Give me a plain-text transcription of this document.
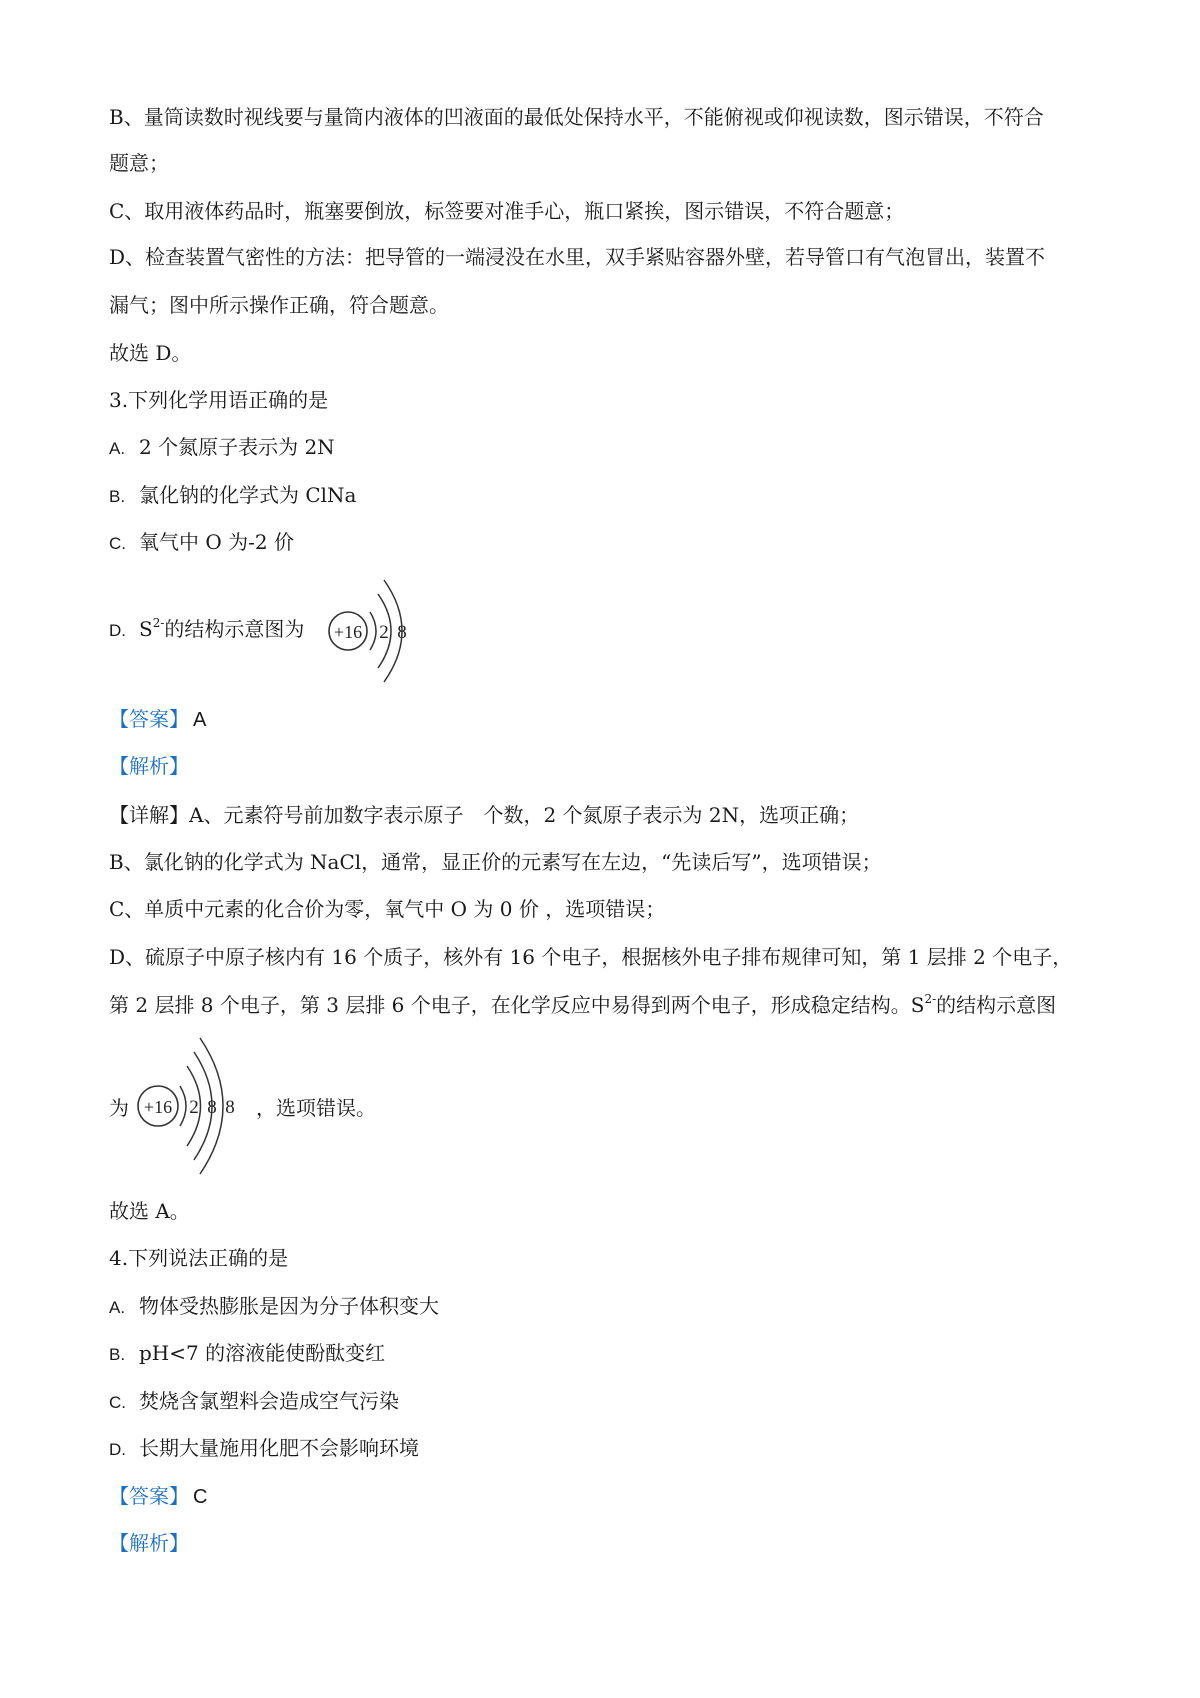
B、量筒读数时视线要与量筒内液体的凹液面的最低处保持水平，不能俯视或仰视读数，图示错误，不符合
题意；
C、取用液体药品时，瓶塞要倒放，标签要对准手心，瓶口紧挨，图示错误，不符合题意；
D、检查装置气密性的方法：把导管的一端浸没在水里，双手紧贴容器外壁，若导管口有气泡冒出，装置不
漏气；图中所示操作正确，符合题意。
故选 D。
3.下列化学用语正确的是
A. 2 个氮原子表示为 2N
B. 氯化钠的化学式为 ClNa
C. 氧气中 O 为-2 价
D. $S^{2-}$的结构示意图为 +16 2 8
【答案】 A
【解析】
【详解】A、元素符号前加数字表示原子　个数，2 个氮原子表示为 2N，选项正确；
B、氯化钠的化学式为 NaCl，通常，显正价的元素写在左边，“先读后写”，选项错误；
C、单质中元素的化合价为零，氧气中 O 为 0 价 ，选项错误；
D、硫原子中原子核内有 16 个质子，核外有 16 个电子，根据核外电子排布规律可知，第 1 层排 2 个电子，
第 2 层排 8 个电子，第 3 层排 6 个电子，在化学反应中易得到两个电子，形成稳定结构。$S^{2-}$的结构示意图
为 +16 2 8 8 ，选项错误。
故选 A。
4.下列说法正确的是
A. 物体受热膨胀是因为分子体积变大
B. pH<7 的溶液能使酚酞变红
C. 焚烧含氯塑料会造成空气污染
D. 长期大量施用化肥不会影响环境
【答案】 C
【解析】
